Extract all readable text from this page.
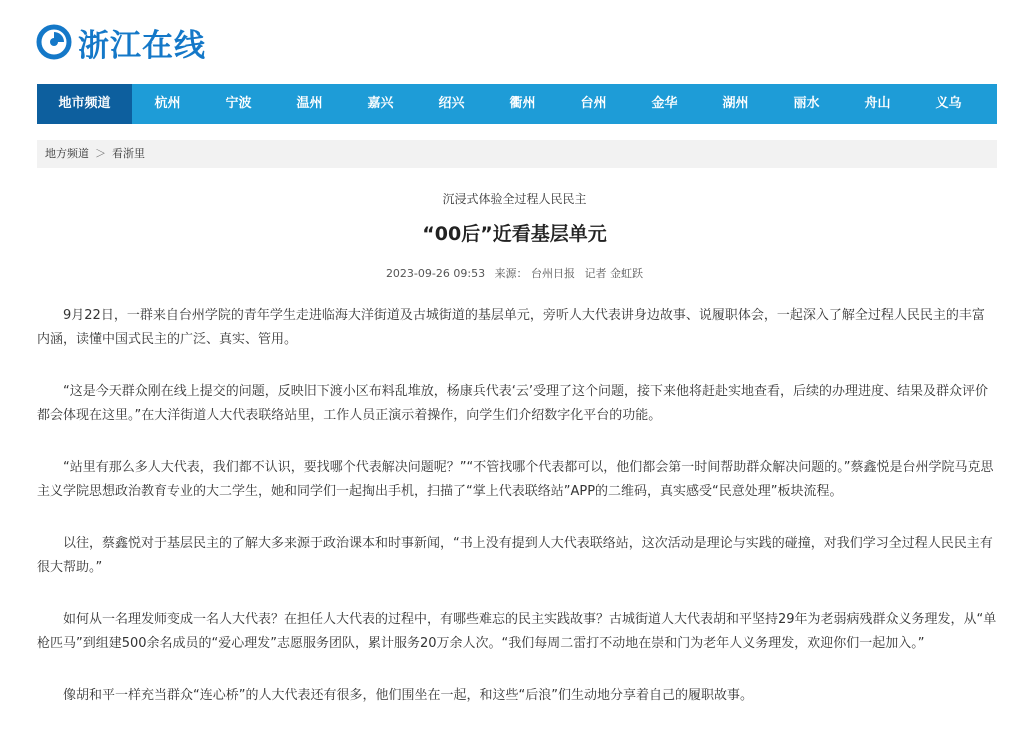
浙江在线
地市频道	杭州	宁波	温州	嘉兴	绍兴	衢州	台州	金华	湖州	丽水	舟山	义乌
地方频道 ＞ 看浙里
沉浸式体验全过程人民民主
“00后”近看基层单元
2023-09-26 09:53 来源： 台州日报 记者 金虹跃

9月22日，一群来自台州学院的青年学生走进临海大洋街道及古城街道的基层单元，旁听人大代表讲身边故事、说履职体会，一起深入了解全过程人民民主的丰富内涵，读懂中国式民主的广泛、真实、管用。

“这是今天群众刚在线上提交的问题，反映旧下渡小区布料乱堆放，杨康兵代表‘云’受理了这个问题，接下来他将赶赴实地查看，后续的办理进度、结果及群众评价都会体现在这里。”在大洋街道人大代表联络站里，工作人员正演示着操作，向学生们介绍数字化平台的功能。

“站里有那么多人大代表，我们都不认识，要找哪个代表解决问题呢？”“不管找哪个代表都可以，他们都会第一时间帮助群众解决问题的。”蔡鑫悦是台州学院马克思主义学院思想政治教育专业的大二学生，她和同学们一起掏出手机，扫描了“掌上代表联络站”APP的二维码，真实感受“民意处理”板块流程。

以往，蔡鑫悦对于基层民主的了解大多来源于政治课本和时事新闻，“书上没有提到人大代表联络站，这次活动是理论与实践的碰撞，对我们学习全过程人民民主有很大帮助。”

如何从一名理发师变成一名人大代表？在担任人大代表的过程中，有哪些难忘的民主实践故事？古城街道人大代表胡和平坚持29年为老弱病残群众义务理发，从“单枪匹马”到组建500余名成员的“爱心理发”志愿服务团队，累计服务20万余人次。“我们每周二雷打不动地在崇和门为老年人义务理发，欢迎你们一起加入。”

像胡和平一样充当群众“连心桥”的人大代表还有很多，他们围坐在一起，和这些“后浪”们生动地分享着自己的履职故事。
